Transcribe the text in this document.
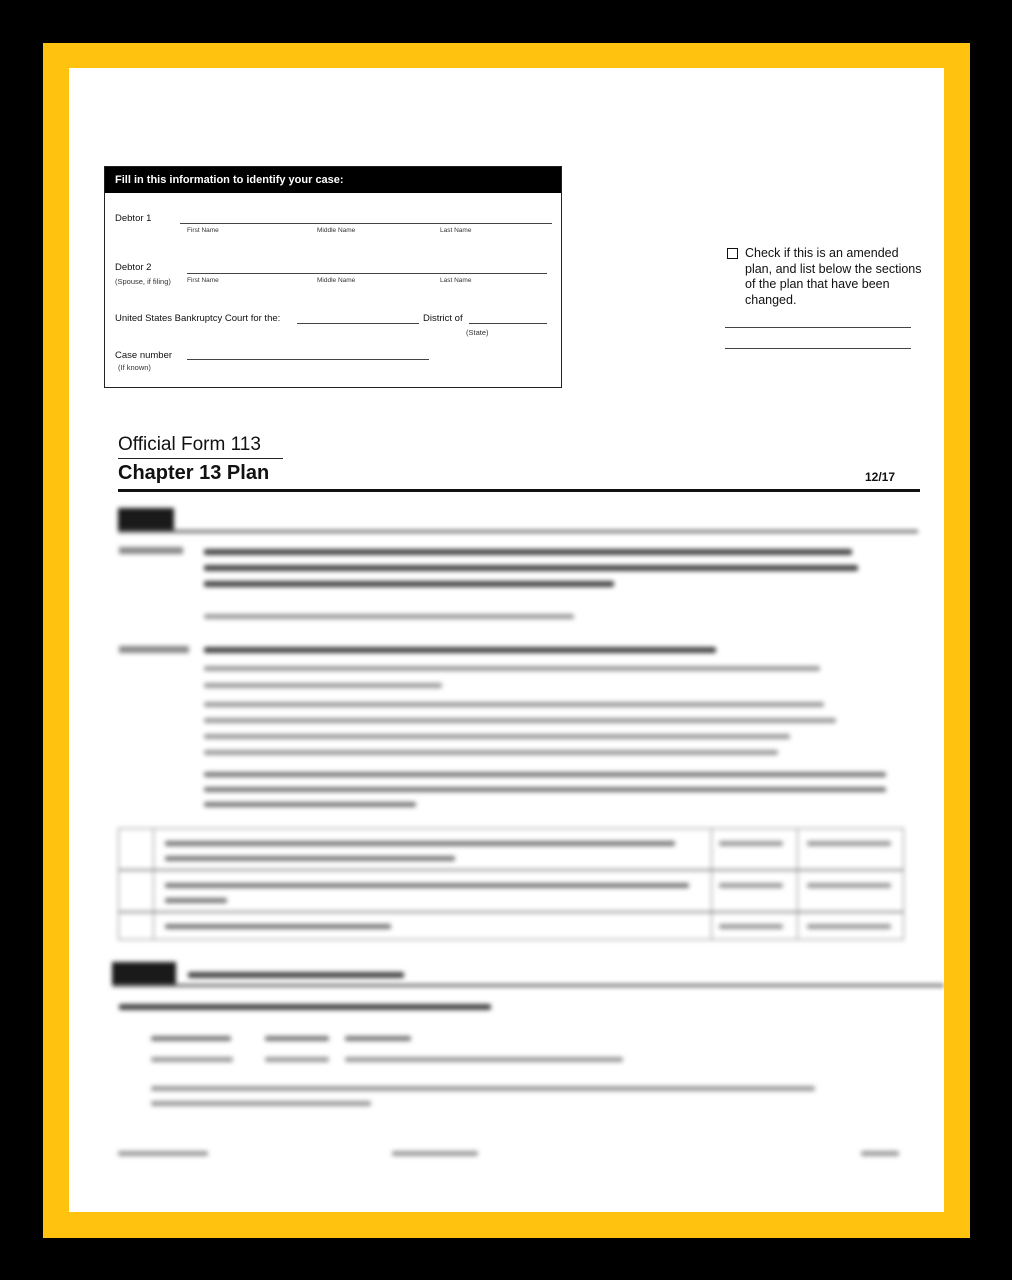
Fill in this information to identify your case:
Debtor 1
First Name	Middle Name	Last Name
Debtor 2
(Spouse, if filing) First Name	Middle Name	Last Name
United States Bankruptcy Court for the:	District of
(State)
Case number
(If known)
Check if this is an amended plan, and list below the sections of the plan that have been changed.
Official Form 113
Chapter 13 Plan	12/17
